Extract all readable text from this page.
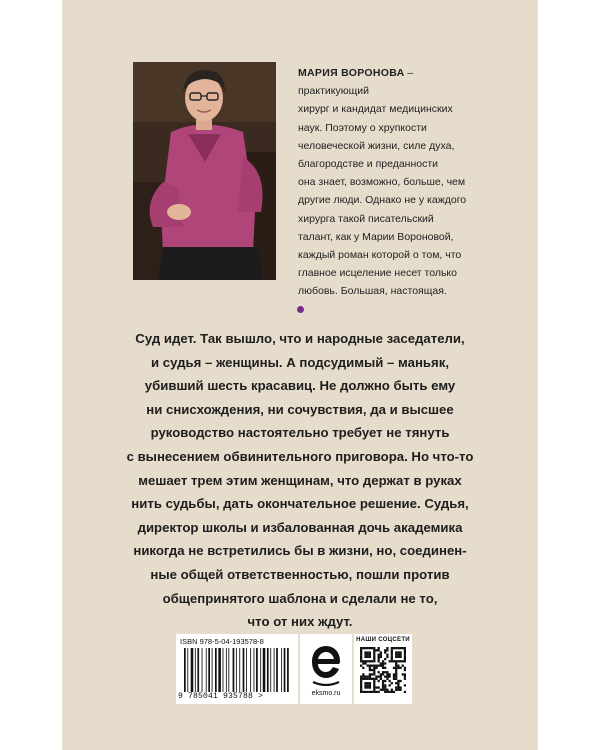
МАРИЯ ВОРОНОВА – практикующий
хирург и кандидат медицинских
наук. Поэтому о хрупкости
человеческой жизни, силе духа,
благородстве и преданности
она знает, возможно, больше, чем
другие люди. Однако не у каждого
хирурга такой писательский
талант, как у Марии Вороновой,
каждый роман которой о том, что
главное исцеление несет только
любовь. Большая, настоящая.
Суд идет. Так вышло, что и народные заседатели,
и судья – женщины. А подсудимый – маньяк,
убивший шесть красавиц. Не должно быть ему
ни снисхождения, ни сочувствия, да и высшее
руководство настоятельно требует не тянуть
с вынесением обвинительного приговора. Но что-то
мешает трем этим женщинам, что держат в руках
нить судьбы, дать окончательное решение. Судья,
директор школы и избалованная дочь академика
никогда не встретились бы в жизни, но, соединен-
ные общей ответственностью, пошли против
общепринятого шаблона и сделали не то,
что от них ждут.
ISBN 978-5-04-193578-8
9 785041 935788 >	eksmo.ru
НАШИ СОЦСЕТИ
